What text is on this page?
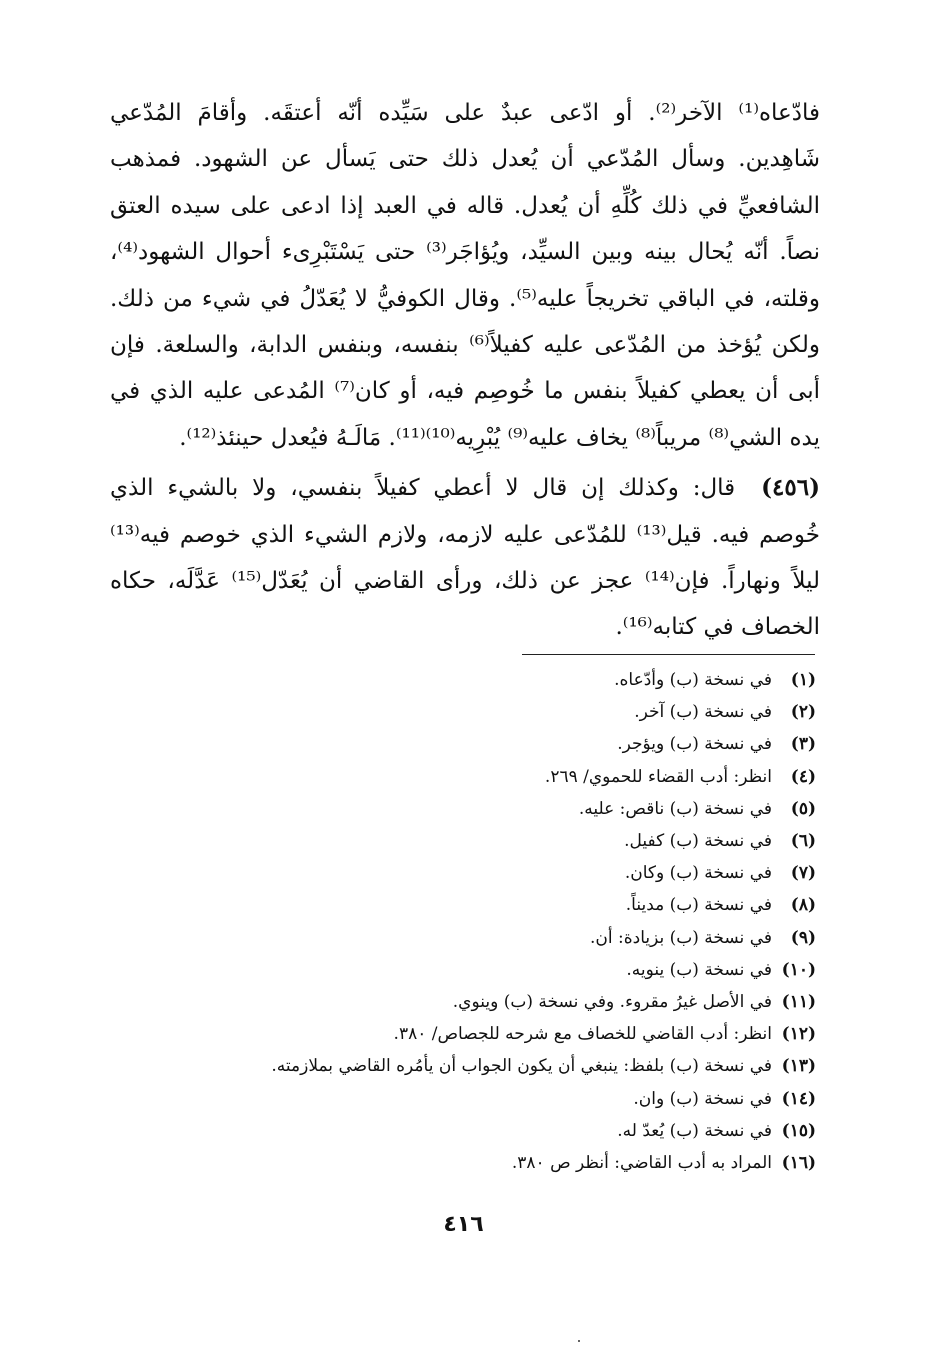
فادّعاه⁽¹⁾ الآخر⁽²⁾. أو ادّعى عبدٌ على سَيِّده أنّه أعتقَه. وأقامَ المُدّعي شَاهِدين. وسأل المُدّعي أن يُعدل ذلك حتى يَسأل عن الشهود. فمذهب الشافعيِّ في ذلك كُلِّهِ أن يُعدل. قاله في العبد إذا ادعى على سيده العتق نصاً. أنّه يُحال بينه وبين السيِّد، ويُؤاجَر⁽³⁾ حتى يَسْتَبْرِىء أحوال الشهود⁽⁴⁾، وقلته، في الباقي تخريجاً عليه⁽⁵⁾. وقال الكوفيُّ لا يُعَدّلُ في شيء من ذلك. ولكن يُؤخذ من المُدّعى عليه كفيلاً⁽⁶⁾ بنفسه، وبنفس الدابة، والسلعة. فإن أبى أن يعطي كفيلاً بنفس ما خُوصِم فيه، أو كان⁽⁷⁾ المُدعى عليه الذي في يده الشي⁽⁸⁾ مريباً⁽⁸⁾ يخاف عليه⁽⁹⁾ يُبْرِيه⁽¹⁰⁾⁽¹¹⁾. مَالَـهُ فيُعدل حينئذ⁽¹²⁾.

(٤٥٦)قال: وكذلك إن قال لا أعطي كفيلاً بنفسي، ولا بالشيء الذي خُوصم فيه. قيل⁽¹³⁾ للمُدّعى عليه لازمه، ولازم الشيء الذي خوصم فيه⁽¹³⁾ ليلاً ونهاراً. فإن⁽¹⁴⁾ عجز عن ذلك، ورأى القاضي أن يُعَدّل⁽¹⁵⁾ عَدَّلَه، حكاه الخصاف في كتابه⁽¹⁶⁾.

(١)في نسخة (ب) وأدّعاه.
(٢)في نسخة (ب) آخر.
(٣)في نسخة (ب) ويؤجر.
(٤)انظر: أدب القضاء للحموي/ ٢٦٩.
(٥)في نسخة (ب) ناقص: عليه.
(٦)في نسخة (ب) كفيل.
(٧)في نسخة (ب) وكان.
(٨)في نسخة (ب) مديناً.
(٩)في نسخة (ب) بزيادة: أن.
(١٠)في نسخة (ب) ينويه.
(١١)في الأصل غيرُ مقروء. وفي نسخة (ب) وينوي.
(١٢)انظر: أدب القاضي للخصاف مع شرحه للجصاص/ ٣٨٠.
(١٣)في نسخة (ب) بلفظ: ينبغي أن يكون الجواب أن يأمُره القاضي بملازمته.
(١٤)في نسخة (ب) وان.
(١٥)في نسخة (ب) يُعدّ له.
(١٦)المراد به أدب القاضي: أنظر ص ٣٨٠.
٤١٦
